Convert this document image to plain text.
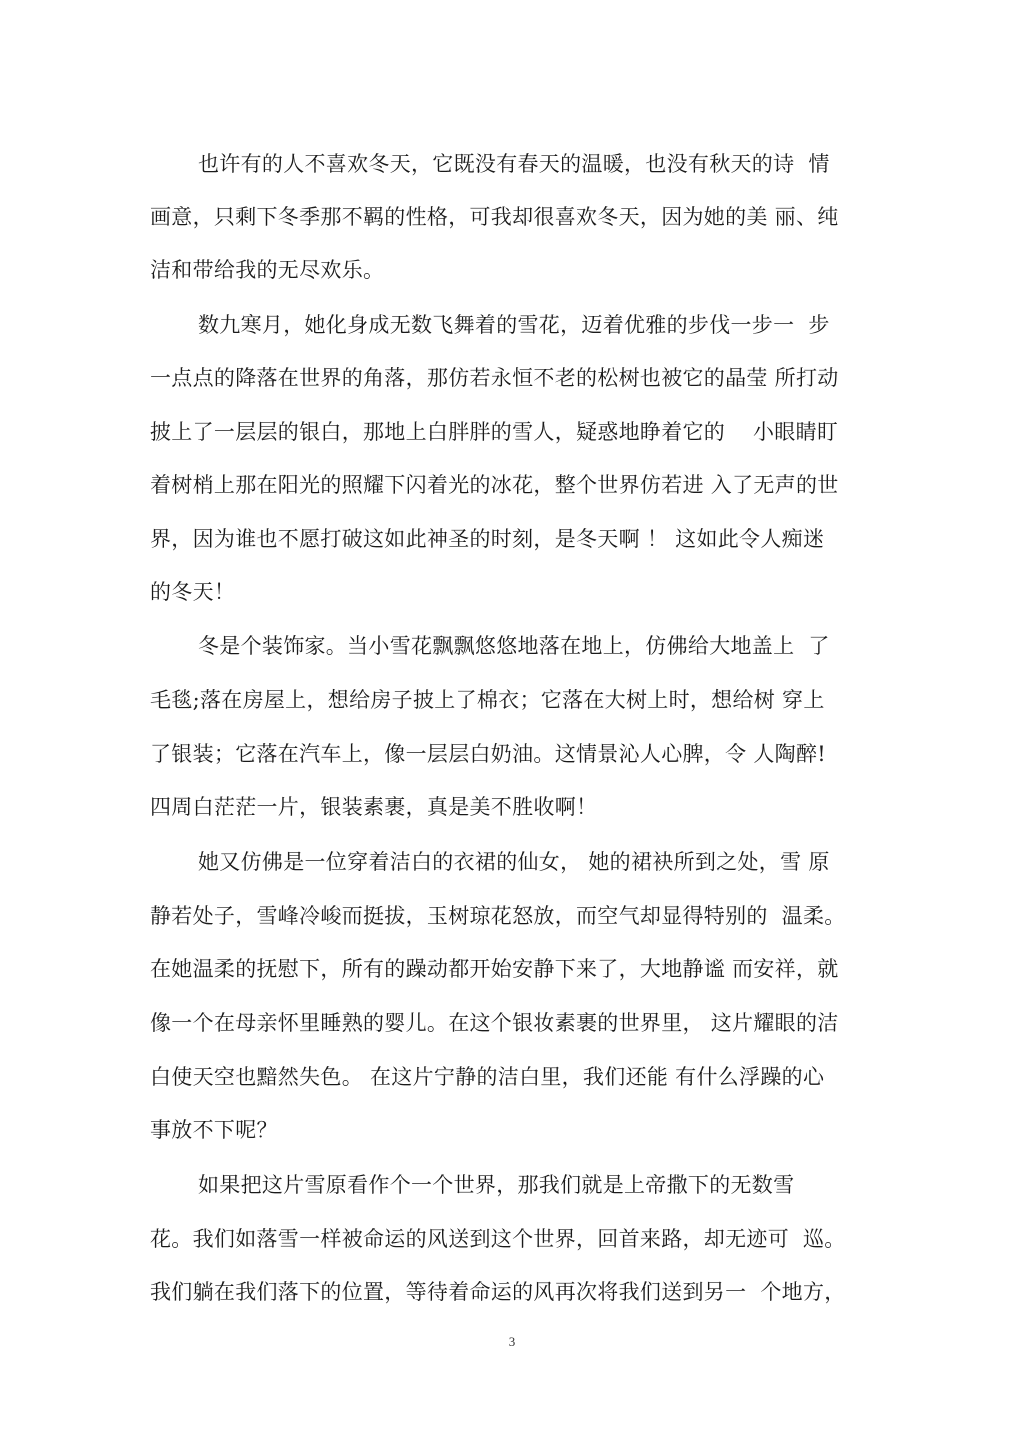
也许有的人不喜欢冬天，它既没有春天的温暖，也没有秋天的诗  情
画意，只剩下冬季那不羁的性格，可我却很喜欢冬天，因为她的美 丽、纯
洁和带给我的无尽欢乐。
数九寒月，她化身成无数飞舞着的雪花，迈着优雅的步伐一步一  步
一点点的降落在世界的角落，那仿若永恒不老的松树也被它的晶莹 所打动
披上了一层层的银白，那地上白胖胖的雪人，疑惑地睁着它的    小眼睛盯
着树梢上那在阳光的照耀下闪着光的冰花，整个世界仿若进 入了无声的世
界，因为谁也不愿打破这如此神圣的时刻，是冬天啊 ！ 这如此令人痴迷
的冬天！
冬是个装饰家。当小雪花飘飘悠悠地落在地上，仿佛给大地盖上  了
毛毯;落在房屋上，想给房子披上了棉衣；它落在大树上时，想给树 穿上
了银装；它落在汽车上，像一层层白奶油。这情景沁人心脾，令 人陶醉!
四周白茫茫一片，银装素裹，真是美不胜收啊！
她又仿佛是一位穿着洁白的衣裙的仙女， 她的裙袂所到之处，雪 原
静若处子，雪峰冷峻而挺拔，玉树琼花怒放，而空气却显得特别的  温柔。
在她温柔的抚慰下，所有的躁动都开始安静下来了，大地静谧 而安祥，就
像一个在母亲怀里睡熟的婴儿。在这个银妆素裹的世界里， 这片耀眼的洁
白使天空也黯然失色。 在这片宁静的洁白里，我们还能 有什么浮躁的心
事放不下呢？
如果把这片雪原看作个一个世界，那我们就是上帝撒下的无数雪
花。我们如落雪一样被命运的风送到这个世界，回首来路，却无迹可  巡。
我们躺在我们落下的位置，等待着命运的风再次将我们送到另一  个地方，
3
